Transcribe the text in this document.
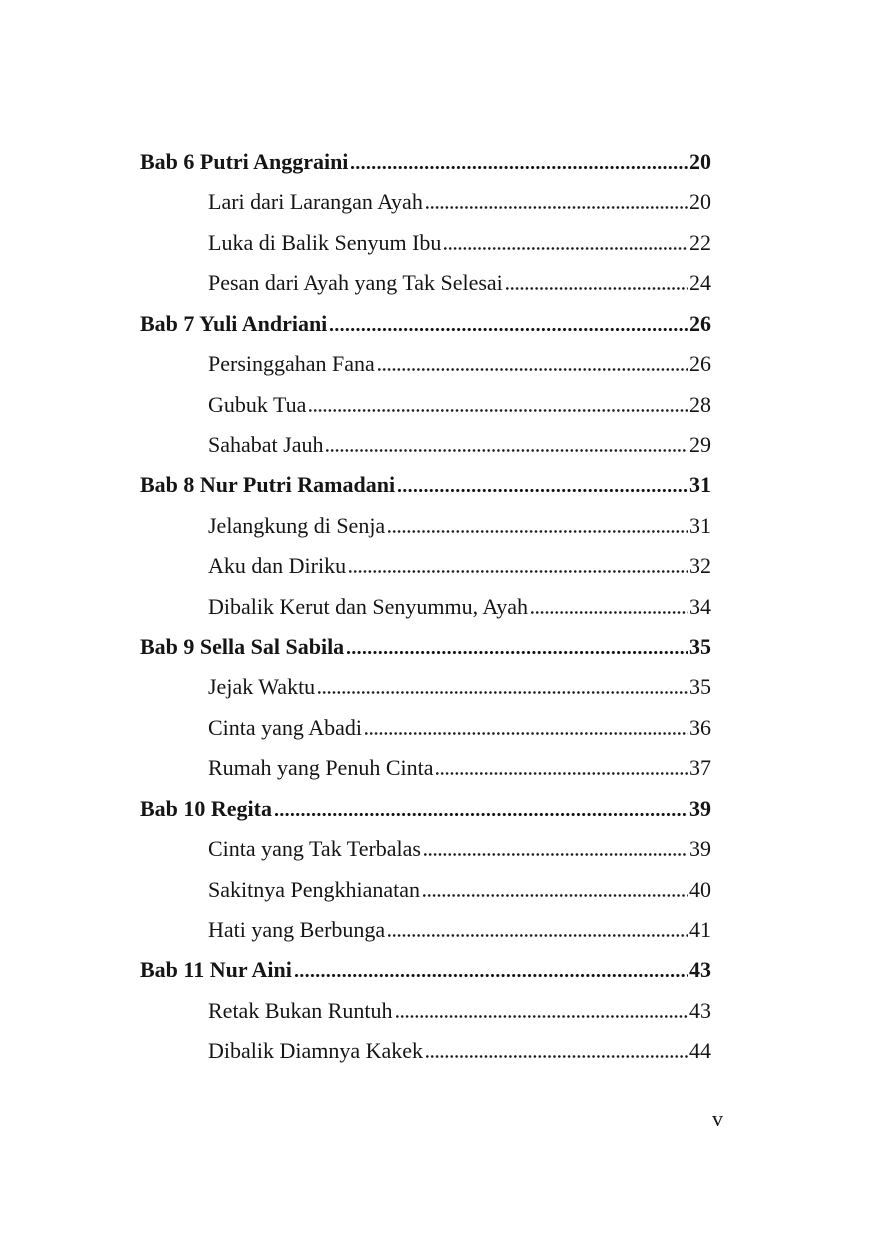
Bab 6 Putri Anggraini	20
Lari dari Larangan Ayah	20
Luka di Balik Senyum Ibu	22
Pesan dari Ayah yang Tak Selesai	24
Bab 7 Yuli Andriani	26
Persinggahan Fana	26
Gubuk Tua	28
Sahabat Jauh	29
Bab 8 Nur Putri Ramadani	31
Jelangkung di Senja	31
Aku dan Diriku	32
Dibalik Kerut dan Senyummu, Ayah	34
Bab 9 Sella Sal Sabila	35
Jejak Waktu	35
Cinta yang Abadi	36
Rumah yang Penuh Cinta	37
Bab 10 Regita	39
Cinta yang Tak Terbalas	39
Sakitnya Pengkhianatan	40
Hati yang Berbunga	41
Bab 11 Nur Aini	43
Retak Bukan Runtuh	43
Dibalik Diamnya Kakek	44
v
